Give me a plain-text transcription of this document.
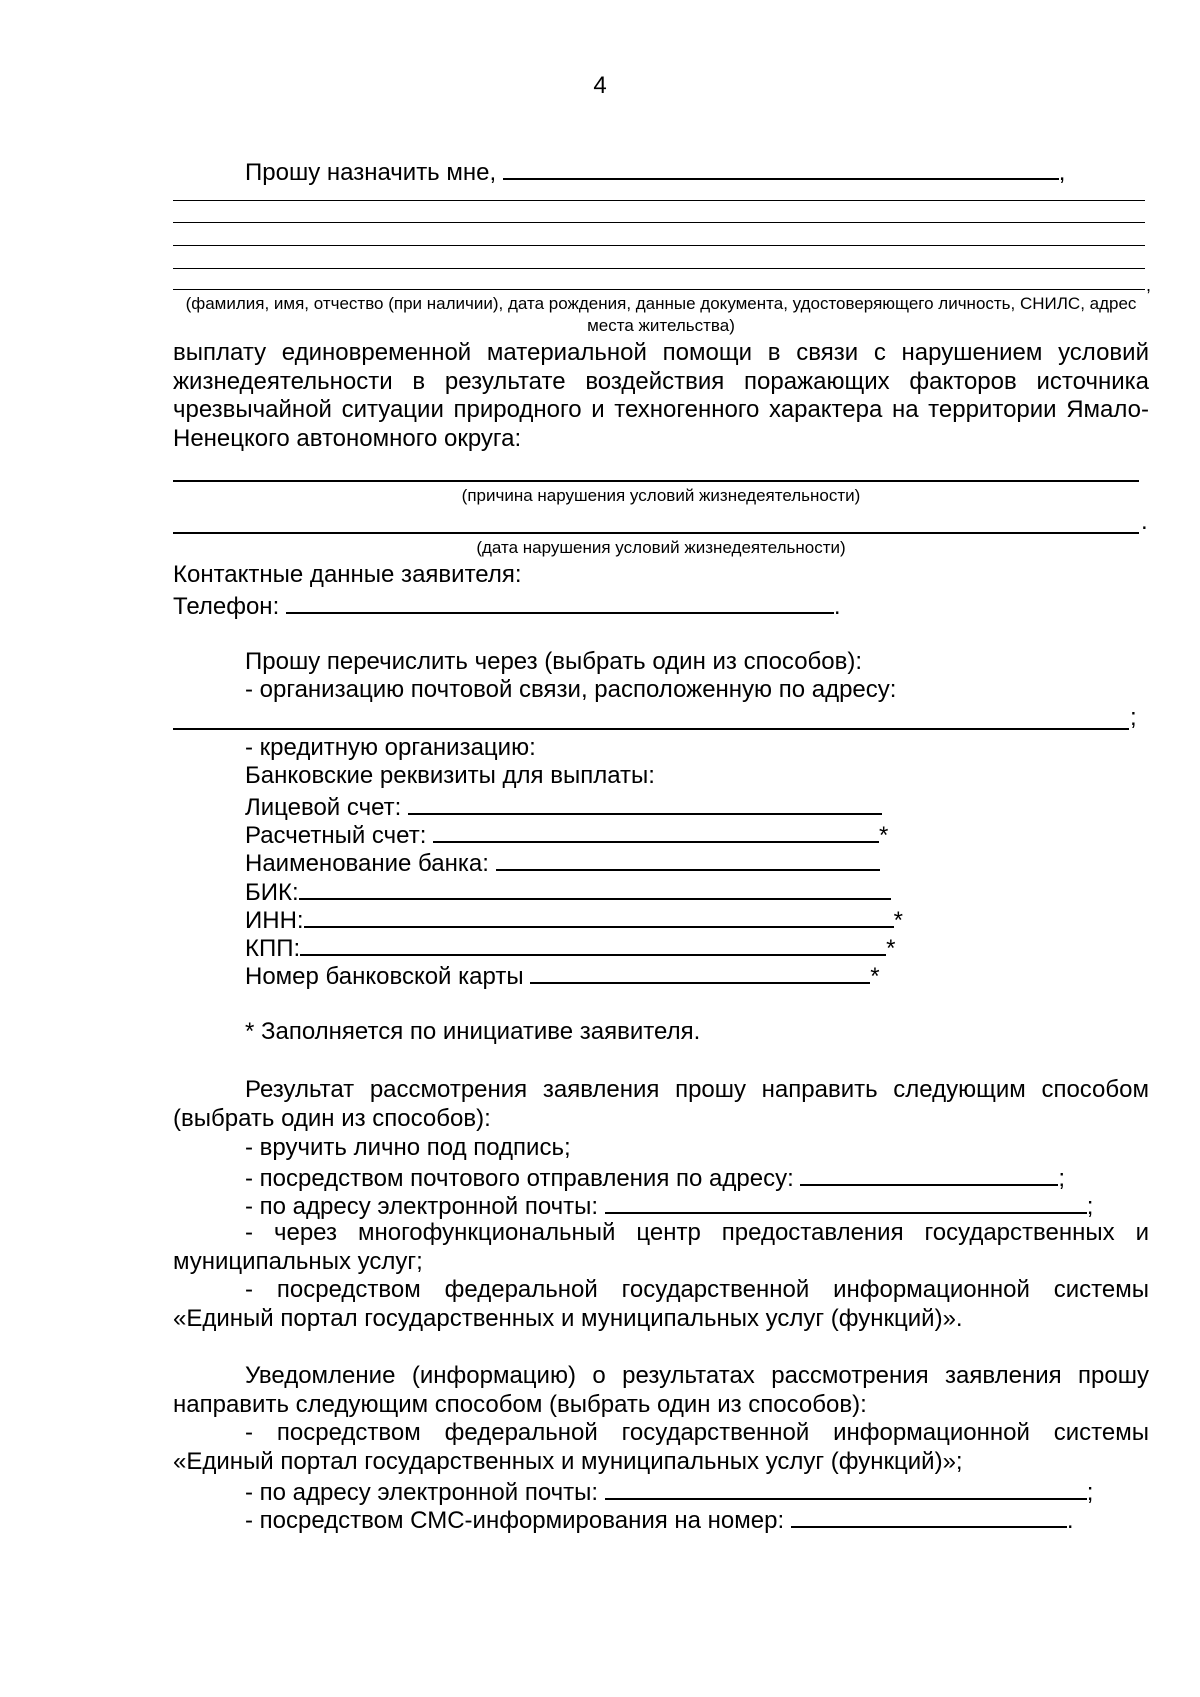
4
Прошу назначить мне,	,
,
(фамилия, имя, отчество (при наличии), дата рождения, данные документа, удостоверяющего личность, СНИЛС, адрес места жительства)
выплату единовременной материальной помощи в связи с нарушением условий жизнедеятельности в результате воздействия поражающих факторов источника чрезвычайной ситуации природного и техногенного характера на территории Ямало-Ненецкого автономного округа:
(причина нарушения условий жизнедеятельности)
.
(дата нарушения условий жизнедеятельности)
Контактные данные заявителя:
Телефон:	.
Прошу перечислить через (выбрать один из способов):
- организацию почтовой связи, расположенную по адресу:
;
- кредитную организацию:
Банковские реквизиты для выплаты:
Лицевой счет:
Расчетный счет:	*
Наименование банка:
БИК:
ИНН:	*
КПП:	*
Номер банковской карты	*
* Заполняется по инициативе заявителя.
Результат рассмотрения заявления прошу направить следующим способом (выбрать один из способов):
- вручить лично под подпись;
- посредством почтового отправления по адресу:	;
- по адресу электронной почты:	;
- через многофункциональный центр предоставления государственных и муниципальных услуг;
- посредством федеральной государственной информационной системы «Единый портал государственных и муниципальных услуг (функций)».
Уведомление (информацию) о результатах рассмотрения заявления прошу направить следующим способом (выбрать один из способов):
- посредством федеральной государственной информационной системы «Единый портал государственных и муниципальных услуг (функций)»;
- по адресу электронной почты:	;
- посредством СМС-информирования на номер:	.
